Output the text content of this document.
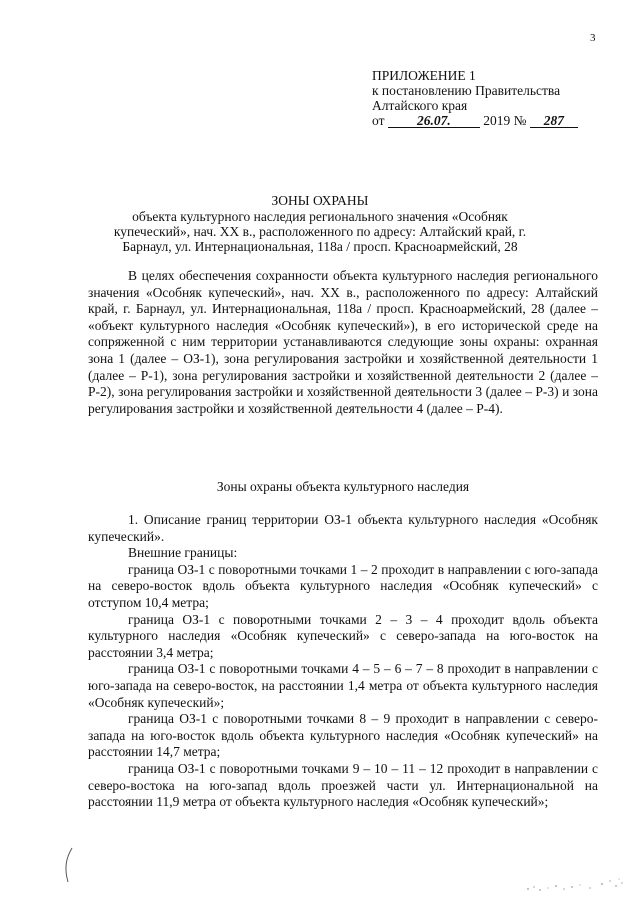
3
ПРИЛОЖЕНИЕ 1
к постановлению Правительства
Алтайского края
от 26.07. 2019 № 287
ЗОНЫ ОХРАНЫ
объекта культурного наследия регионального значения «Особняк купеческий», нач. XX в., расположенного по адресу: Алтайский край, г. Барнаул, ул. Интернациональная, 118а / просп. Красноармейский, 28

В целях обеспечения сохранности объекта культурного наследия регионального значения «Особняк купеческий», нач. XX в., расположенного по адресу: Алтайский край, г. Барнаул, ул. Интернациональная, 118а / просп. Красноармейский, 28 (далее – «объект культурного наследия «Особняк купеческий»), в его исторической среде на сопряженной с ним территории устанавливаются следующие зоны охраны: охранная зона 1 (далее – ОЗ-1), зона регулирования застройки и хозяйственной деятельности 1 (далее – Р-1), зона регулирования застройки и хозяйственной деятельности 2 (далее – Р-2), зона регулирования застройки и хозяйственной деятельности 3 (далее – Р-3) и зона регулирования застройки и хозяйственной деятельности 4 (далее – Р-4).

Зоны охраны объекта культурного наследия

1. Описание границ территории ОЗ-1 объекта культурного наследия «Особняк купеческий».

Внешние границы:

граница ОЗ-1 с поворотными точками 1 – 2 проходит в направлении с юго-запада на северо-восток вдоль объекта культурного наследия «Особняк купеческий» с отступом 10,4 метра;

граница ОЗ-1 с поворотными точками 2 – 3 – 4 проходит вдоль объекта культурного наследия «Особняк купеческий» с северо-запада на юго-восток на расстоянии 3,4 метра;

граница ОЗ-1 с поворотными точками 4 – 5 – 6 – 7 – 8 проходит в направлении с юго-запада на северо-восток, на расстоянии 1,4 метра от объекта культурного наследия «Особняк купеческий»;

граница ОЗ-1 с поворотными точками 8 – 9 проходит в направлении с северо-запада на юго-восток вдоль объекта культурного наследия «Особняк купеческий» на расстоянии 14,7 метра;

граница ОЗ-1 с поворотными точками 9 – 10 – 11 – 12 проходит в направлении с северо-востока на юго-запад вдоль проезжей части ул. Интернациональной на расстоянии 11,9 метра от объекта культурного наследия «Особняк купеческий»;
